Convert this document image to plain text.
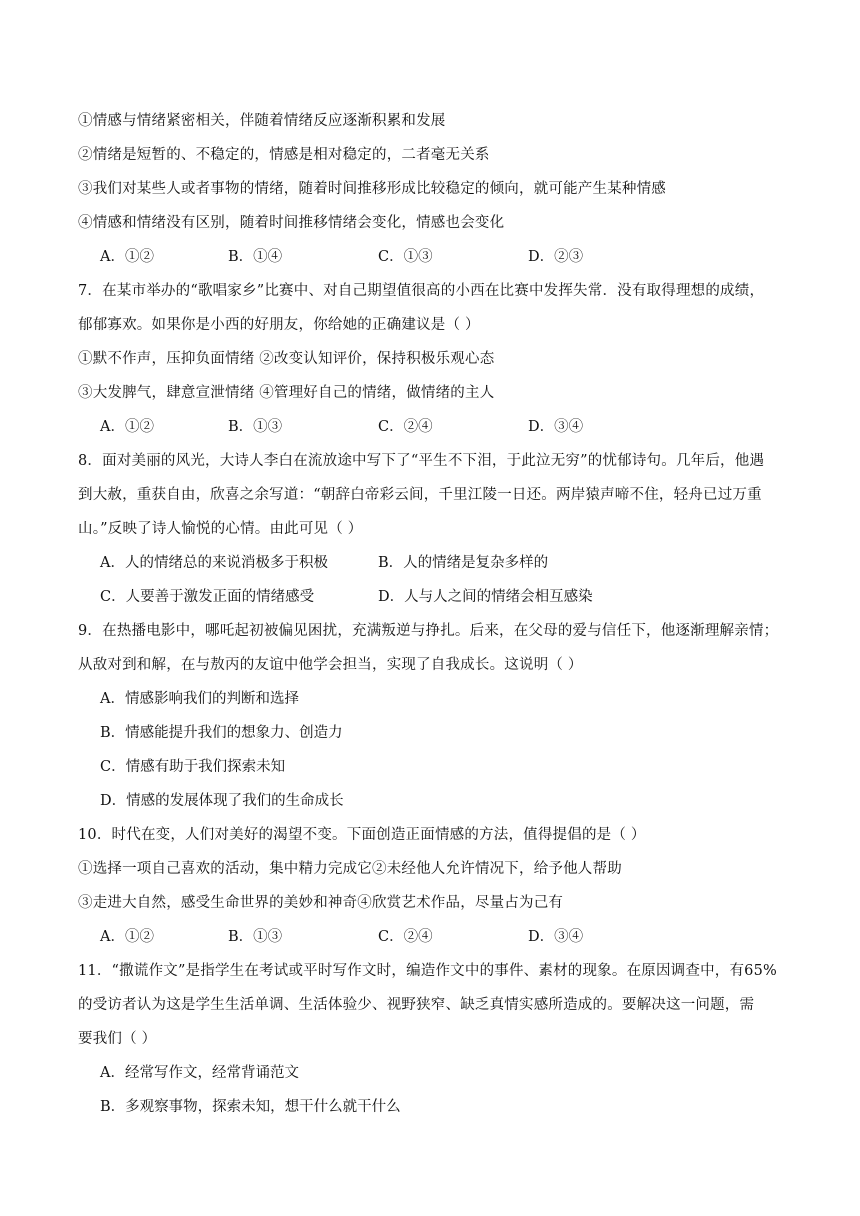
①情感与情绪紧密相关，伴随着情绪反应逐渐积累和发展
②情绪是短暂的、不稳定的，情感是相对稳定的，二者毫无关系
③我们对某些人或者事物的情绪，随着时间推移形成比较稳定的倾向，就可能产生某种情感
④情感和情绪没有区别，随着时间推移情绪会变化，情感也会变化
A．①②	B．①④	C．①③	D．②③
7．在某市举办的“歌唱家乡”比赛中、对自己期望值很高的小西在比赛中发挥失常．没有取得理想的成绩，
郁郁寡欢。如果你是小西的好朋友，你给她的正确建议是（ ）
①默不作声，压抑负面情绪 ②改变认知评价，保持积极乐观心态
③大发脾气，肆意宣泄情绪 ④管理好自己的情绪，做情绪的主人
A．①②	B．①③	C．②④	D．③④
8．面对美丽的风光，大诗人李白在流放途中写下了“平生不下泪，于此泣无穷”的忧郁诗句。几年后，他遇
到大赦，重获自由，欣喜之余写道：“朝辞白帝彩云间，千里江陵一日还。两岸猿声啼不住，轻舟已过万重
山。”反映了诗人愉悦的心情。由此可见（ ）
A．人的情绪总的来说消极多于积极	B．人的情绪是复杂多样的
C．人要善于激发正面的情绪感受	D．人与人之间的情绪会相互感染
9．在热播电影中，哪吒起初被偏见困扰，充满叛逆与挣扎。后来，在父母的爱与信任下，他逐渐理解亲情；
从敌对到和解，在与敖丙的友谊中他学会担当，实现了自我成长。这说明（ ）
A．情感影响我们的判断和选择
B．情感能提升我们的想象力、创造力
C．情感有助于我们探索未知
D．情感的发展体现了我们的生命成长
10．时代在变，人们对美好的渴望不变。下面创造正面情感的方法，值得提倡的是（ ）
①选择一项自己喜欢的活动，集中精力完成它②未经他人允许情况下，给予他人帮助
③走进大自然，感受生命世界的美妙和神奇④欣赏艺术作品，尽量占为己有
A．①②	B．①③	C．②④	D．③④
11．“撒谎作文”是指学生在考试或平时写作文时，编造作文中的事件、素材的现象。在原因调查中，有65%
的受访者认为这是学生生活单调、生活体验少、视野狭窄、缺乏真情实感所造成的。要解决这一问题，需
要我们（ ）
A．经常写作文，经常背诵范文
B．多观察事物，探索未知，想干什么就干什么
